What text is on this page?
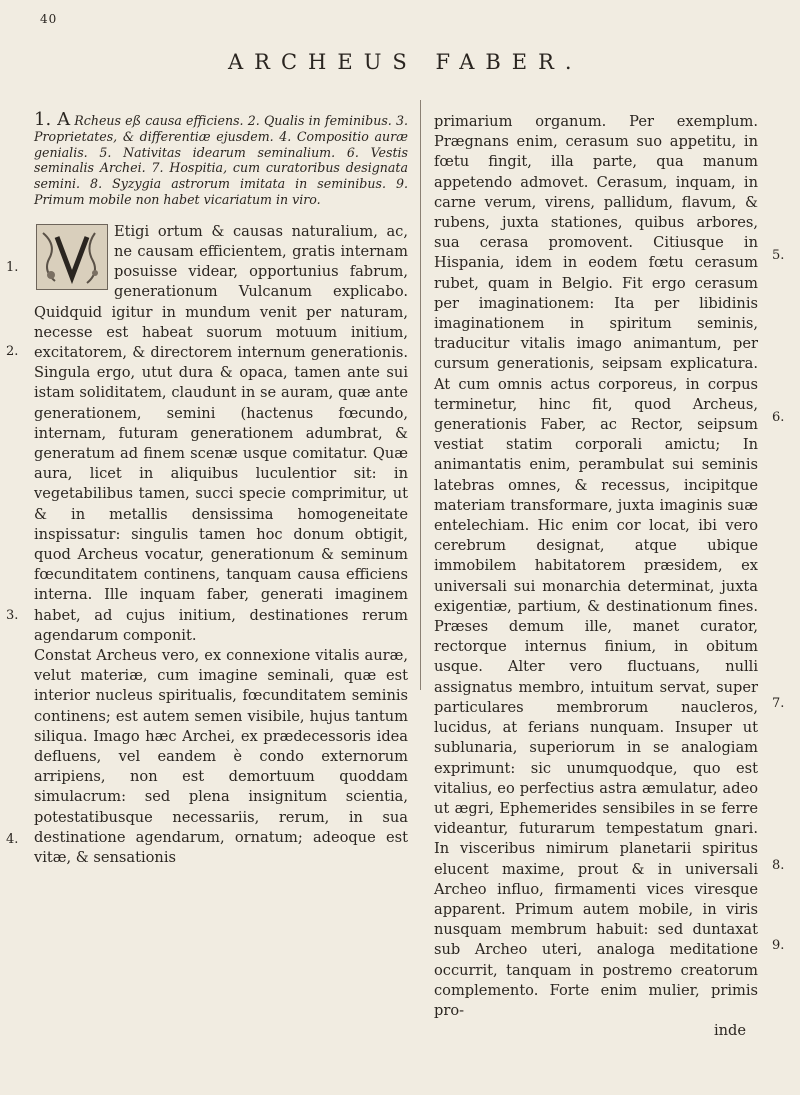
40
ARCHEUS FABER.
1. A Rcheus eß causa efficiens. 2. Qualis in feminibus. 3. Proprietates, & differentiæ ejusdem. 4. Compositio auræ genialis. 5. Nativitas idearum seminalium. 6. Vestis seminalis Archei. 7. Hospitia, cum curatoribus designata semini. 8. Syzygia astrorum imitata in seminibus. 9. Primum mobile non habet vicariatum in viro.

Etigi ortum & causas naturalium, ac, ne causam efficientem, gratis internam posuisse videar, opportunius fabrum, generationum Vulcanum explicabo. Quidquid igitur in mundum venit per naturam, necesse est habeat suorum motuum initium, excitatorem, & directorem internum generationis. Singula ergo, utut dura & opaca, tamen ante sui istam soliditatem, claudunt in se auram, quæ ante generationem, semini (hactenus fœcundo, internam, futuram generationem adumbrat, & generatum ad finem scenæ usque comitatur. Quæ aura, licet in aliquibus luculentior sit: in vegetabilibus tamen, succi specie comprimitur, ut & in metallis densissima homogeneitate inspissatur: singulis tamen hoc donum obtigit, quod Archeus vocatur, generationum & seminum fœcunditatem continens, tanquam causa efficiens interna. Ille inquam faber, generati imaginem habet, ad cujus initium, destinationes rerum agendarum componit.

Constat Archeus vero, ex connexione vitalis auræ, velut materiæ, cum imagine seminali, quæ est interior nucleus spiritualis, fœcunditatem seminis continens; est autem semen visibile, hujus tantum siliqua. Imago hæc Archei, ex prædecessoris idea defluens, vel eandem è condo externorum arripiens, non est demortuum quoddam simulacrum: sed plena insignitum scientia, potestatibusque necessariis, rerum, in sua destinatione agendarum, ornatum; adeoque est vitæ, & sensationis

1.
2.
3.
4.

primarium organum. Per exemplum. Prægnans enim, cerasum suo appetitu, in fœtu fingit, illa parte, qua manum appetendo admovet. Cerasum, inquam, in carne verum, virens, pallidum, flavum, & rubens, juxta stationes, quibus arbores, sua cerasa promovent. Citiusque in Hispania, idem in eodem fœtu cerasum rubet, quam in Belgio. Fit ergo cerasum per imaginationem: Ita per libidinis imaginationem in spiritum seminis, traducitur vitalis imago animantum, per cursum generationis, seipsam explicatura. At cum omnis actus corporeus, in corpus terminetur, hinc fit, quod Archeus, generationis Faber, ac Rector, seipsum vestiat statim corporali amictu; In animantatis enim, perambulat sui seminis latebras omnes, & recessus, incipitque materiam transformare, juxta imaginis suæ entelechiam. Hic enim cor locat, ibi vero cerebrum designat, atque ubique immobilem habitatorem præsidem, ex universali sui monarchia determinat, juxta exigentiæ, partium, & destinationum fines. Præses demum ille, manet curator, rectorque internus finium, in obitum usque. Alter vero fluctuans, nulli assignatus membro, intuitum servat, super particulares membrorum naucleros, lucidus, at ferians nunquam. Insuper ut sublunaria, superiorum in se analogiam exprimunt: sic unumquodque, quo est vitalius, eo perfectius astra æmulatur, adeo ut ægri, Ephemerides sensibiles in se ferre videantur, futurarum tempestatum gnari. In visceribus nimirum planetarii spiritus elucent maxime, prout & in universali Archeo influo, firmamenti vices viresque apparent. Primum autem mobile, in viris nusquam membrum habuit: sed duntaxat sub Archeo uteri, analoga meditatione occurrit, tanquam in postremo creatorum complemento. Forte enim mulier, primis pro-

inde

5.
6.
7.
8.
9.
